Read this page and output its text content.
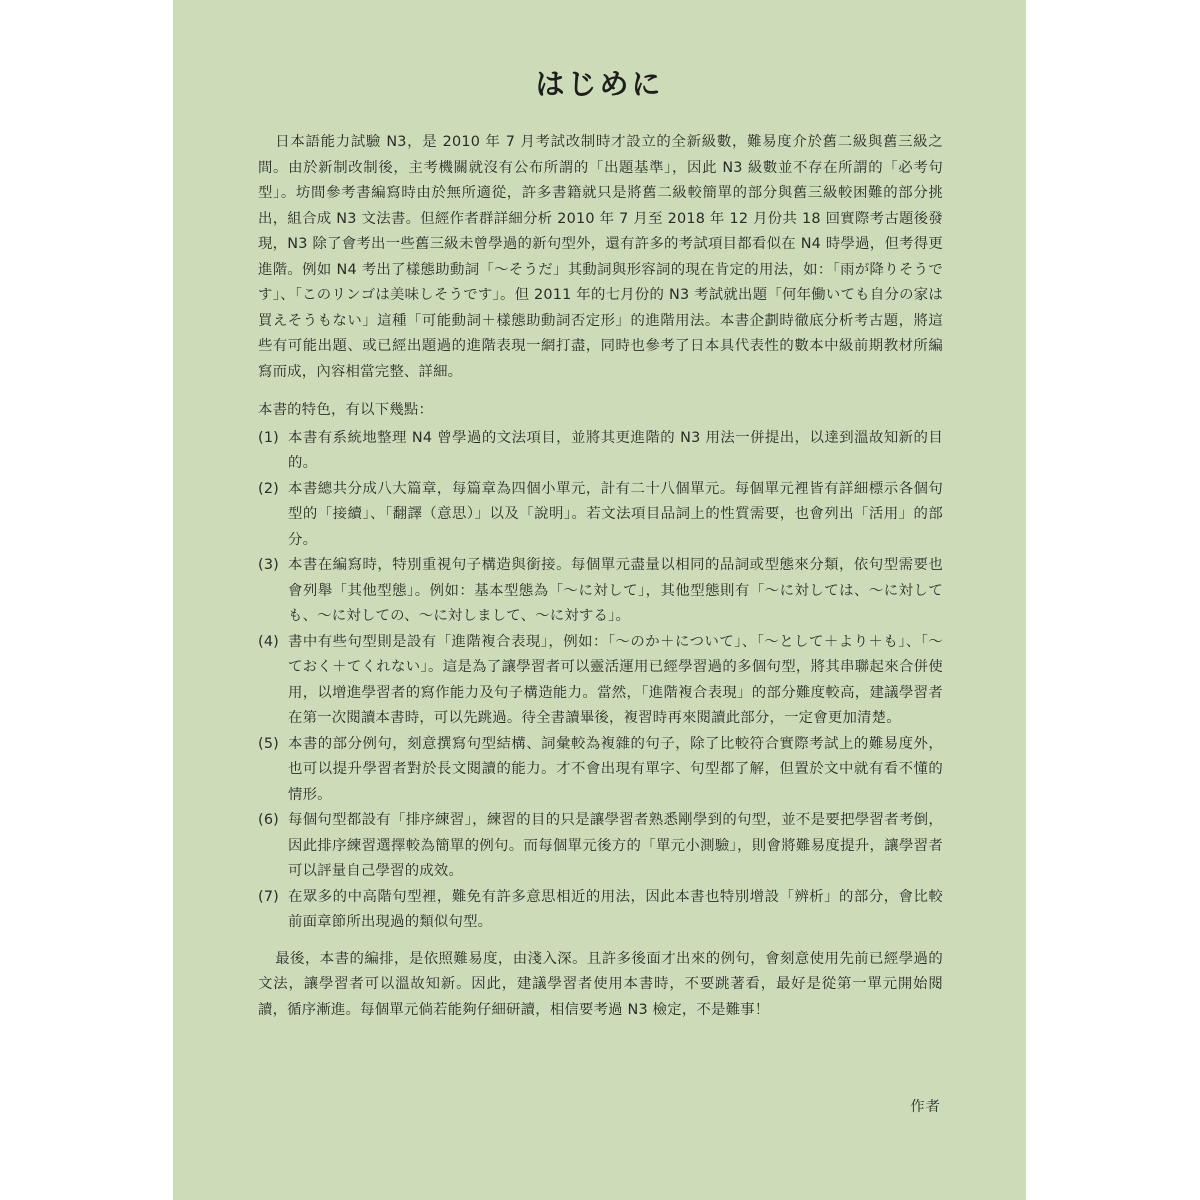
はじめに

日本語能力試驗 N3，是 2010 年 7 月考試改制時才設立的全新級數，難易度介於舊二級與舊三級之間。由於新制改制後，主考機關就沒有公布所謂的「出題基準」，因此 N3 級數並不存在所謂的「必考句型」。坊間參考書編寫時由於無所適從，許多書籍就只是將舊二級較簡單的部分與舊三級較困難的部分挑出，組合成 N3 文法書。但經作者群詳細分析 2010 年 7 月至 2018 年 12 月份共 18 回實際考古題後發現，N3 除了會考出一些舊三級未曾學過的新句型外，還有許多的考試項目都看似在 N4 時學過，但考得更進階。例如 N4 考出了樣態助動詞「〜そうだ」其動詞與形容詞的現在肯定的用法，如：「雨が降りそうです」、「このリンゴは美味しそうです」。但 2011 年的七月份的 N3 考試就出題「何年働いても自分の家は買えそうもない」這種「可能動詞＋樣態助動詞否定形」的進階用法。本書企劃時徹底分析考古題，將這些有可能出題、或已經出題過的進階表現一網打盡，同時也參考了日本具代表性的數本中級前期教材所編寫而成，內容相當完整、詳細。

本書的特色，有以下幾點：

(1) 本書有系統地整理 N4 曾學過的文法項目，並將其更進階的 N3 用法一併提出，以達到溫故知新的目的。
(2) 本書總共分成八大篇章，每篇章為四個小單元，計有二十八個單元。每個單元裡皆有詳細標示各個句型的「接續」、「翻譯（意思）」以及「說明」。若文法項目品詞上的性質需要，也會列出「活用」的部分。
(3) 本書在編寫時，特別重視句子構造與銜接。每個單元盡量以相同的品詞或型態來分類，依句型需要也會列舉「其他型態」。例如：基本型態為「〜に対して」，其他型態則有「〜に対しては、〜に対しても、〜に対しての、〜に対しまして、〜に対する」。
(4) 書中有些句型則是設有「進階複合表現」，例如：「〜のか＋について」、「〜として＋より＋も」、「〜ておく＋てくれない」。這是為了讓學習者可以靈活運用已經學習過的多個句型，將其串聯起來合併使用，以增進學習者的寫作能力及句子構造能力。當然，「進階複合表現」的部分難度較高，建議學習者在第一次閱讀本書時，可以先跳過。待全書讀畢後，複習時再來閱讀此部分，一定會更加清楚。
(5) 本書的部分例句，刻意撰寫句型結構、詞彙較為複雜的句子，除了比較符合實際考試上的難易度外，也可以提升學習者對於長文閱讀的能力。才不會出現有單字、句型都了解，但置於文中就有看不懂的情形。
(6) 每個句型都設有「排序練習」，練習的目的只是讓學習者熟悉剛學到的句型，並不是要把學習者考倒，因此排序練習選擇較為簡單的例句。而每個單元後方的「單元小測驗」，則會將難易度提升，讓學習者可以評量自己學習的成效。
(7) 在眾多的中高階句型裡，難免有許多意思相近的用法，因此本書也特別增設「辨析」的部分，會比較前面章節所出現過的類似句型。

最後，本書的編排，是依照難易度，由淺入深。且許多後面才出來的例句，會刻意使用先前已經學過的文法，讓學習者可以溫故知新。因此，建議學習者使用本書時，不要跳著看，最好是從第一單元開始閱讀，循序漸進。每個單元倘若能夠仔細研讀，相信要考過 N3 檢定，不是難事！

作者
